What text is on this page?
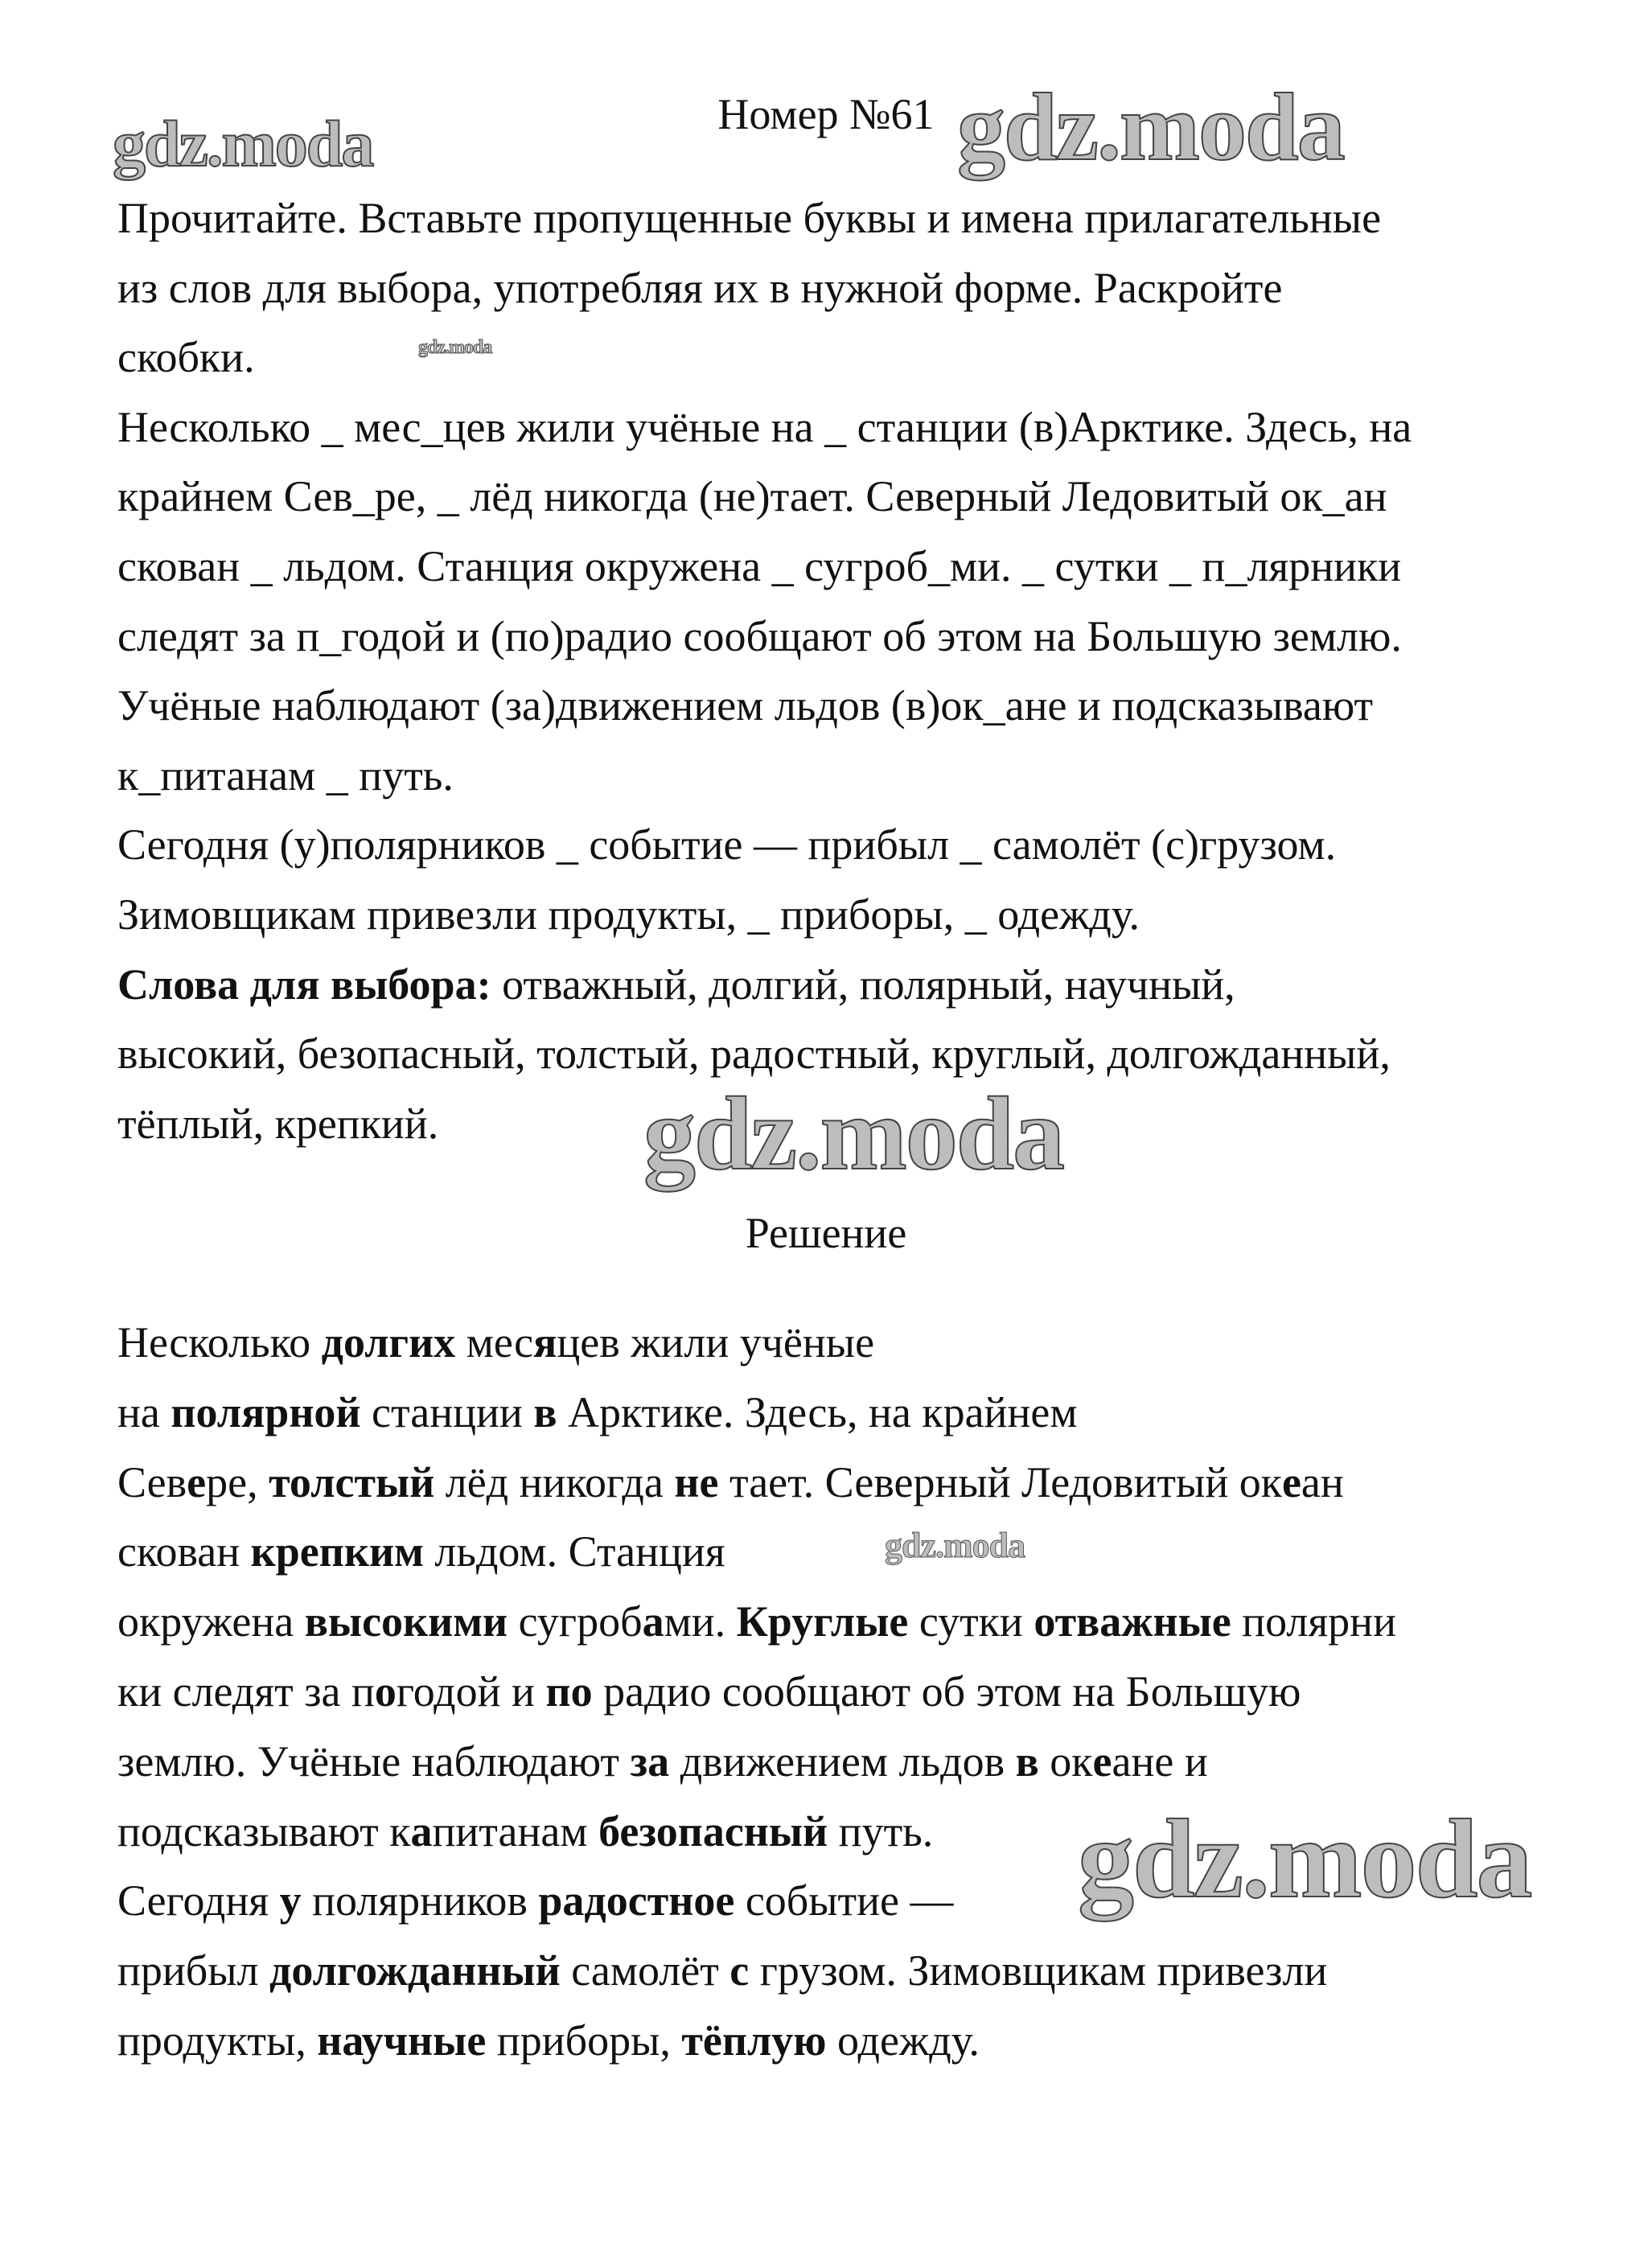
Номер №61
gdz.moda	gdz.moda
gdz.moda
gdz.moda
gdz.moda
gdz.moda
Прочитайте. Вставьте пропущенные буквы и имена прилагательные
из слов для выбора, употребляя их в нужной форме. Раскройте
скобки.
Несколько _ мес_цев жили учёные на _ станции (в)Арктике. Здесь, на
крайнем Сев_ре, _ лёд никогда (не)тает. Северный Ледовитый ок_ан
скован _ льдом. Станция окружена _ сугроб_ми. _ сутки _ п_лярники
следят за п_годой и (по)радио сообщают об этом на Большую землю.
Учёные наблюдают (за)движением льдов (в)ок_ане и подсказывают
к_питанам _ путь.
Сегодня (у)полярников _ событие — прибыл _ самолёт (с)грузом.
Зимовщикам привезли продукты, _ приборы, _ одежду.
Слова для выбора: отважный, долгий, полярный, научный,
высокий, безопасный, толстый, радостный, круглый, долгожданный,
тёплый, крепкий.
Решение
Несколько долгих месяцев жили учёные
на полярной станции в Арктике. Здесь, на крайнем
Севере, толстый лёд никогда не тает. Северный Ледовитый океан
скован крепким льдом. Станция
окружена высокими сугробами. Круглые сутки отважные полярни
ки следят за погодой и по радио сообщают об этом на Большую
землю. Учёные наблюдают за движением льдов в океане и
подсказывают капитанам безопасный путь.
Сегодня у полярников радостное событие —
прибыл долгожданный самолёт с грузом. Зимовщикам привезли
продукты, научные приборы, тёплую одежду.
